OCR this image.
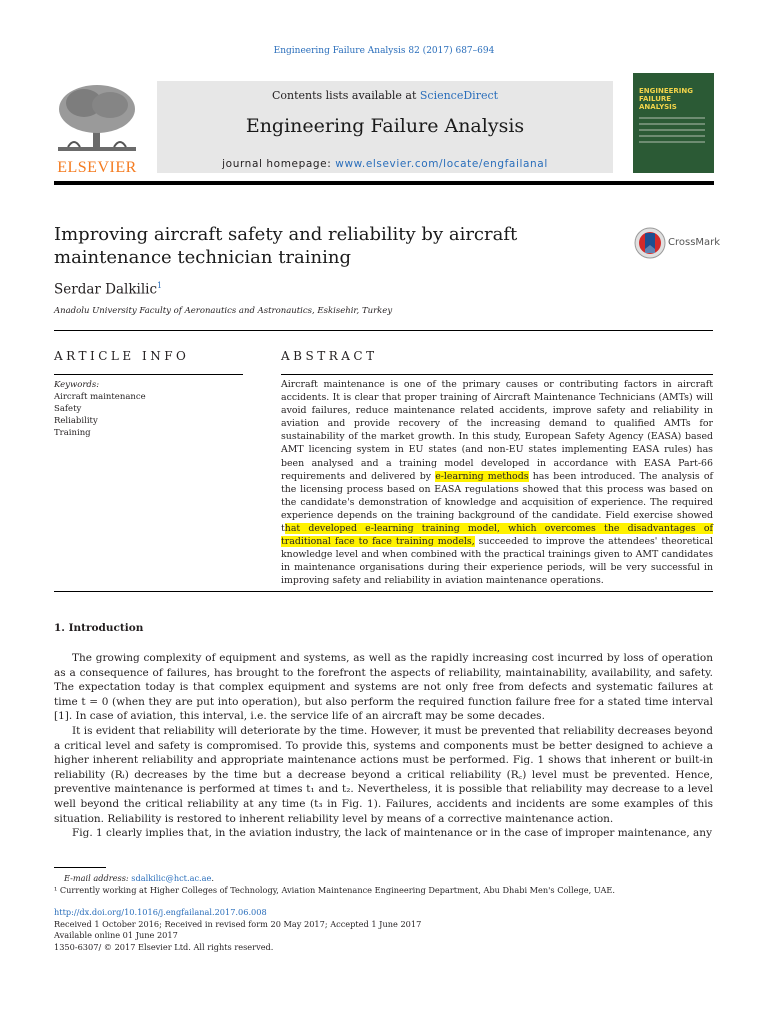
Engineering Failure Analysis 82 (2017) 687–694
ELSEVIER
Contents lists available at ScienceDirect
Engineering Failure Analysis
journal homepage: www.elsevier.com/locate/engfailanal
ENGINEERING FAILURE ANALYSIS
Improving aircraft safety and reliability by aircraft maintenance technician training
CrossMark
Serdar Dalkilic$^1$
Anadolu University Faculty of Aeronautics and Astronautics, Eskisehir, Turkey
ARTICLE INFO	ABSTRACT
Keywords:
Aircraft maintenance
Safety
Reliability
Training
Aircraft maintenance is one of the primary causes or contributing factors in aircraft accidents. It is clear that proper training of Aircraft Maintenance Technicians (AMTs) will avoid failures, reduce maintenance related accidents, improve safety and reliability in aviation and provide recovery of the increasing demand to qualified AMTs for sustainability of the market growth. In this study, European Safety Agency (EASA) based AMT licencing system in EU states (and non-EU states implementing EASA rules) has been analysed and a training model developed in accordance with EASA Part-66 requirements and delivered by e-learning methods has been introduced. The analysis of the licensing process based on EASA regulations showed that this process was based on the candidate's demonstration of knowledge and acquisition of experience. The required experience depends on the training background of the candidate. Field exercise showed that developed e-learning training model, which overcomes the disadvantages of traditional face to face training models, succeeded to improve the attendees' theoretical knowledge level and when combined with the practical trainings given to AMT candidates in maintenance organisations during their experience periods, will be very successful in improving safety and reliability in aviation maintenance operations.
1. Introduction

The growing complexity of equipment and systems, as well as the rapidly increasing cost incurred by loss of operation as a consequence of failures, has brought to the forefront the aspects of reliability, maintainability, availability, and safety. The expectation today is that complex equipment and systems are not only free from defects and systematic failures at time t = 0 (when they are put into operation), but also perform the required function failure free for a stated time interval [1]. In case of aviation, this interval, i.e. the service life of an aircraft may be some decades.

It is evident that reliability will deteriorate by the time. However, it must be prevented that reliability decreases beyond a critical level and safety is compromised. To provide this, systems and components must be better designed to achieve a higher inherent reliability and appropriate maintenance actions must be performed. Fig. 1 shows that inherent or built-in reliability (Rᵢ) decreases by the time but a decrease beyond a critical reliability (R꜀) level must be prevented. Hence, preventive maintenance is performed at times t₁ and t₂. Nevertheless, it is possible that reliability may decrease to a level well beyond the critical reliability at any time (t₃ in Fig. 1). Failures, accidents and incidents are some examples of this situation. Reliability is restored to inherent reliability level by means of a corrective maintenance action.

Fig. 1 clearly implies that, in the aviation industry, the lack of maintenance or in the case of improper maintenance, any

E-mail address: sdalkilic@hct.ac.ae.
¹ Currently working at Higher Colleges of Technology, Aviation Maintenance Engineering Department, Abu Dhabi Men's College, UAE.
http://dx.doi.org/10.1016/j.engfailanal.2017.06.008
Received 1 October 2016; Received in revised form 20 May 2017; Accepted 1 June 2017
Available online 01 June 2017
1350-6307/ © 2017 Elsevier Ltd. All rights reserved.
